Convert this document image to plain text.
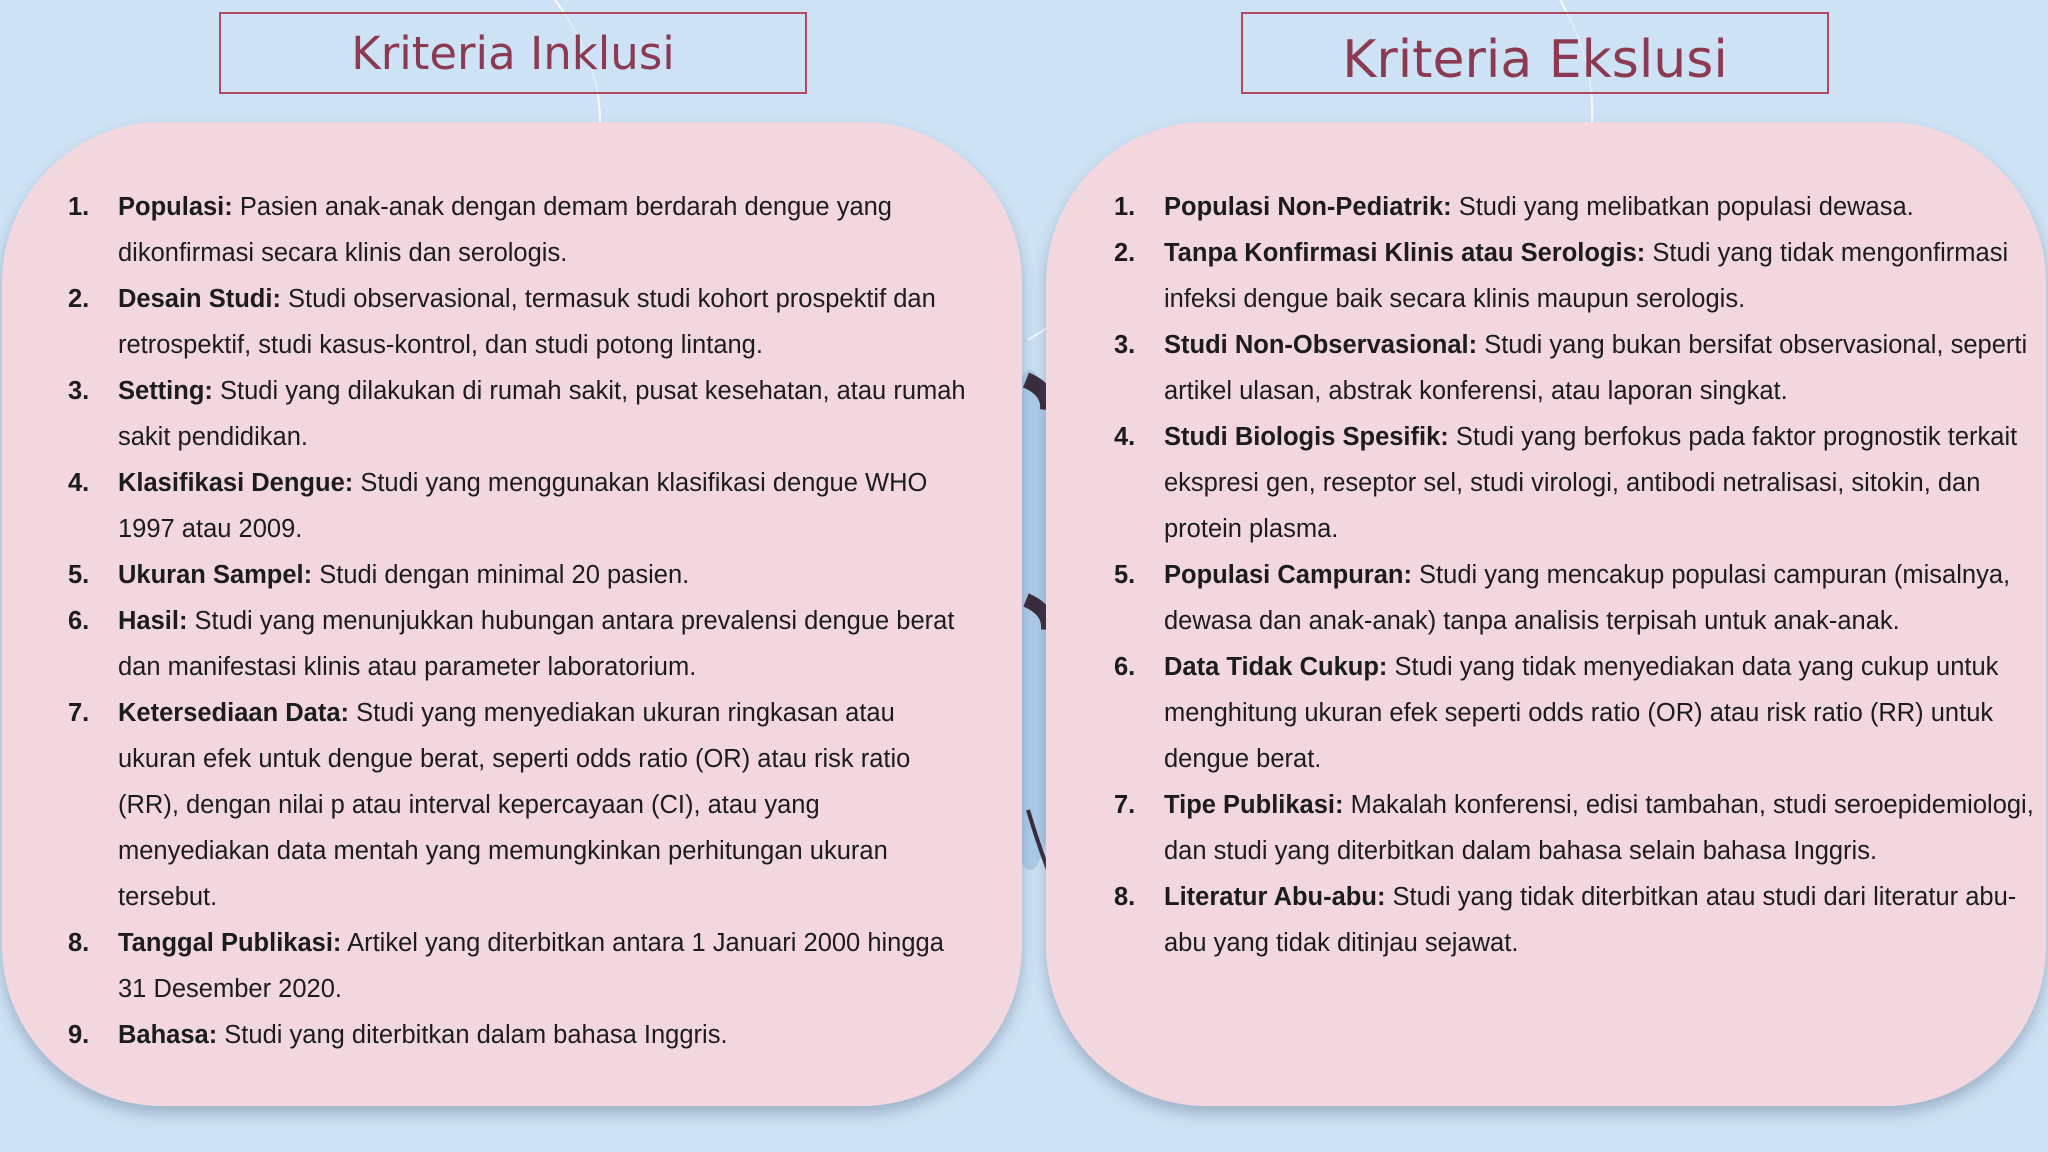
Kriteria Inklusi	Kriteria Ekslusi
1.	Populasi: Pasien anak-anak dengan demam berdarah dengue yang dikonfirmasi secara klinis dan serologis.
2.	Desain Studi: Studi observasional, termasuk studi kohort prospektif dan retrospektif, studi kasus-kontrol, dan studi potong lintang.
3.	Setting: Studi yang dilakukan di rumah sakit, pusat kesehatan, atau rumah sakit pendidikan.
4.	Klasifikasi Dengue: Studi yang menggunakan klasifikasi dengue WHO 1997 atau 2009.
5.	Ukuran Sampel: Studi dengan minimal 20 pasien.
6.	Hasil: Studi yang menunjukkan hubungan antara prevalensi dengue berat dan manifestasi klinis atau parameter laboratorium.
7.	Ketersediaan Data: Studi yang menyediakan ukuran ringkasan atau ukuran efek untuk dengue berat, seperti odds ratio (OR) atau risk ratio (RR), dengan nilai p atau interval kepercayaan (CI), atau yang menyediakan data mentah yang memungkinkan perhitungan ukuran tersebut.
8.	Tanggal Publikasi: Artikel yang diterbitkan antara 1 Januari 2000 hingga 31 Desember 2020.
9.	Bahasa: Studi yang diterbitkan dalam bahasa Inggris.
1.	Populasi Non-Pediatrik: Studi yang melibatkan populasi dewasa.
2.	Tanpa Konfirmasi Klinis atau Serologis: Studi yang tidak mengonfirmasi infeksi dengue baik secara klinis maupun serologis.
3.	Studi Non-Observasional: Studi yang bukan bersifat observasional, seperti artikel ulasan, abstrak konferensi, atau laporan singkat.
4.	Studi Biologis Spesifik: Studi yang berfokus pada faktor prognostik terkait ekspresi gen, reseptor sel, studi virologi, antibodi netralisasi, sitokin, dan protein plasma.
5.	Populasi Campuran: Studi yang mencakup populasi campuran (misalnya, dewasa dan anak-anak) tanpa analisis terpisah untuk anak-anak.
6.	Data Tidak Cukup: Studi yang tidak menyediakan data yang cukup untuk menghitung ukuran efek seperti odds ratio (OR) atau risk ratio (RR) untuk dengue berat.
7.	Tipe Publikasi: Makalah konferensi, edisi tambahan, studi seroepidemiologi, dan studi yang diterbitkan dalam bahasa selain bahasa Inggris.
8.	Literatur Abu-abu: Studi yang tidak diterbitkan atau studi dari literatur abu-abu yang tidak ditinjau sejawat.
